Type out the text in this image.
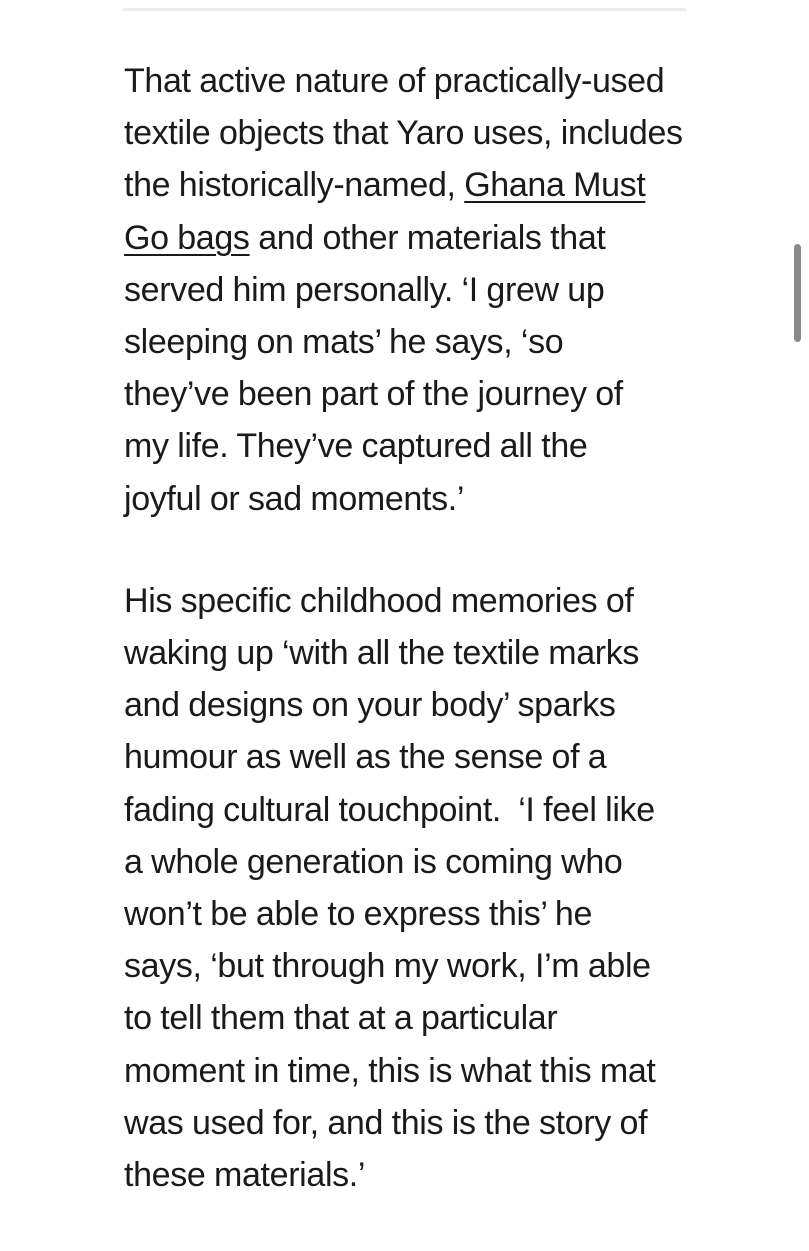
That active nature of practically-used
textile objects that Yaro uses, includes
the historically-named, Ghana Must
Go bags and other materials that
served him personally. ‘I grew up
sleeping on mats’ he says, ‘so
they’ve been part of the journey of
my life. They’ve captured all the
joyful or sad moments.’

His specific childhood memories of
waking up ‘with all the textile marks
and designs on your body’ sparks
humour as well as the sense of a
fading cultural touchpoint.  ‘I feel like
a whole generation is coming who
won’t be able to express this’ he
says, ‘but through my work, I’m able
to tell them that at a particular
moment in time, this is what this mat
was used for, and this is the story of
these materials.’
